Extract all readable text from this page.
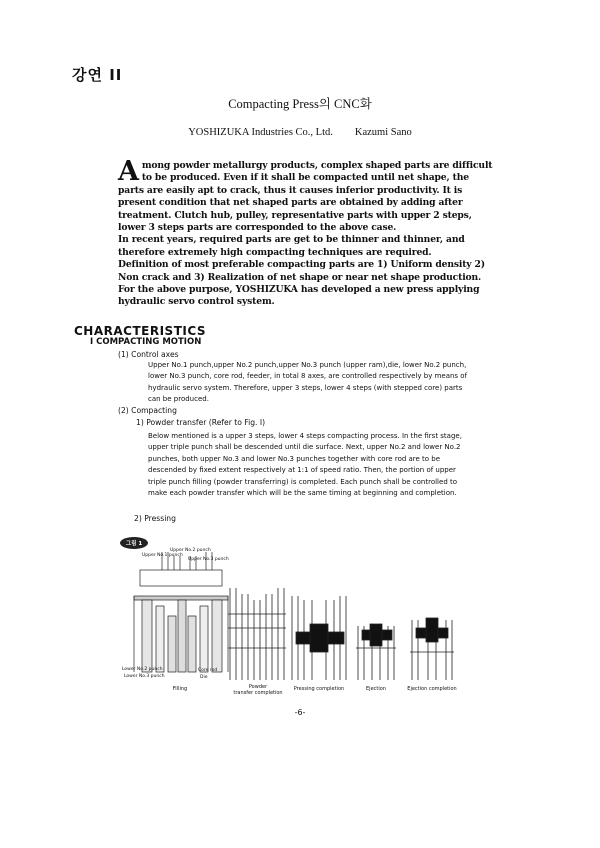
강연 II
Compacting Press의 CNC화
YOSHIZUKA Industries Co., Ltd. Kazumi Sano

Among powder metallurgy products, complex shaped parts are difficult to be produced. Even if it shall be compacted until net shape, the parts are easily apt to crack, thus it causes inferior productivity. It is present condition that net shaped parts are obtained by adding after treatment. Clutch hub, pulley, representative parts with upper 2 steps, lower 3 steps parts are corresponded to the above case.

In recent years, required parts are get to be thinner and thinner, and therefore extremely high compacting techniques are required.

Definition of most preferable compacting parts are 1) Uniform density 2) Non crack and 3) Realization of net shape or near net shape production.

For the above purpose, YOSHIZUKA has developed a new press applying hydraulic servo control system.

CHARACTERISTICS
I COMPACTING MOTION
(1) Control axes
Upper No.1 punch,upper No.2 punch,upper No.3 punch (upper ram),die, lower No.2 punch, lower No.3 punch, core rod, feeder, in total 8 axes, are controlled respectively by means of hydraulic servo system. Therefore, upper 3 steps, lower 4 steps (with stepped core) parts can be produced.
(2) Compacting
1) Powder transfer (Refer to Fig. I)
Below mentioned is a upper 3 steps, lower 4 steps compacting process. In the first stage, upper triple punch shall be descended until die surface. Next, upper No.2 and lower No.2 punches, both upper No.3 and lower No.3 punches together with core rod are to be descended by fixed extent respectively at 1:1 of speed ratio. Then, the portion of upper triple punch filling (powder transferring) is completed. Each punch shall be controlled to make each powder transfer which will be the same timing at beginning and completion.
2) Pressing
그림 1
Upper No.1 punch
Upper No.2 punch
Upper No.3 punch
Lower No.2 punch
Lower No.3 punch
Core rod
Die
Filling	Powder
transfer completion
Pressing completion	Ejection	Ejection completion
-6-
